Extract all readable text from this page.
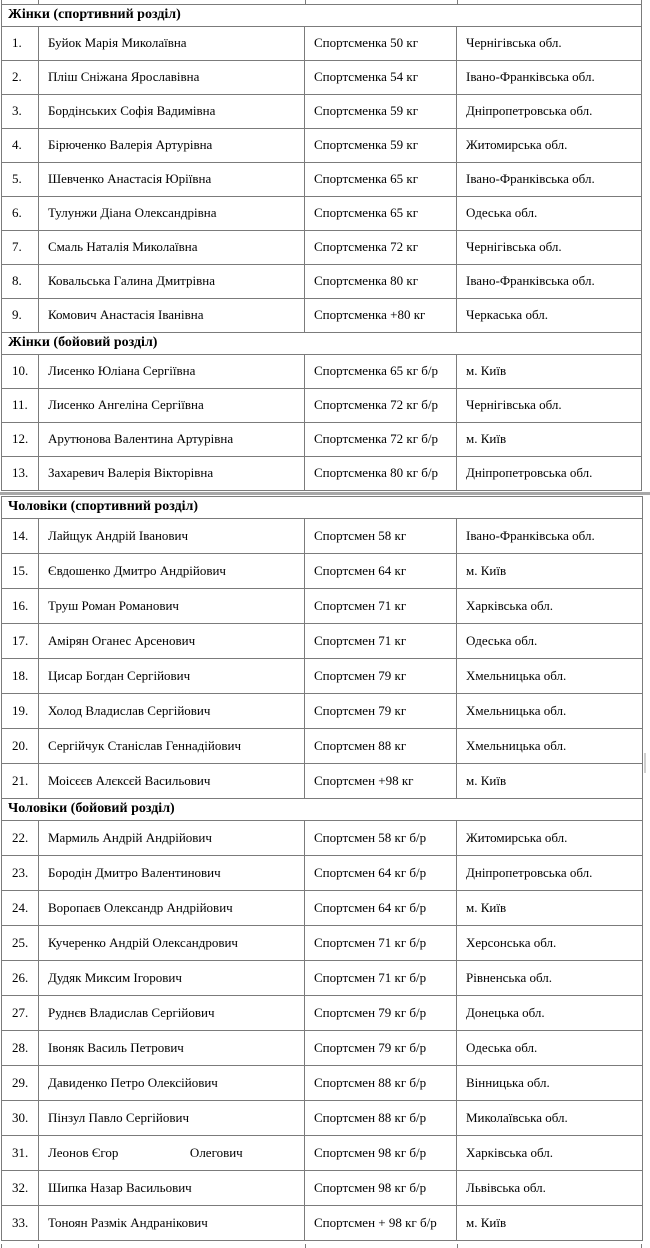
Жінки (спортивний розділ)			
1.	Буйок Марія Миколаївна	Спортсменка 50 кг	Чернігівська обл.
2.	Пліш Сніжана Ярославівна	Спортсменка 54 кг	Івано-Франківська обл.
3.	Бордінських Софія Вадимівна	Спортсменка 59 кг	Дніпропетровська обл.
4.	Бірюченко Валерія Артурівна	Спортсменка 59 кг	Житомирська обл.
5.	Шевченко Анастасія Юріївна	Спортсменка 65 кг	Івано-Франківська обл.
6.	Тулунжи Діана Олександрівна	Спортсменка 65 кг	Одеська обл.
7.	Смаль Наталія Миколаївна	Спортсменка 72 кг	Чернігівська обл.
8.	Ковальська Галина Дмитрівна	Спортсменка 80 кг	Івано-Франківська обл.
9.	Комович Анастасія Іванівна	Спортсменка +80 кг	Черкаська обл.
Жінки (бойовий розділ)			
10.	Лисенко Юліана Сергіївна	Спортсменка 65 кг б/р	м. Київ
11.	Лисенко Ангеліна Сергіївна	Спортсменка 72 кг б/р	Чернігівська обл.
12.	Арутюнова Валентина Артурівна	Спортсменка 72 кг б/р	м. Київ
13.	Захаревич Валерія Вікторівна	Спортсменка 80 кг б/р	Дніпропетровська обл.
Чоловіки (спортивний розділ)			
14.	Лайщук Андрій Іванович	Спортсмен 58 кг	Івано-Франківська обл.
15.	Євдошенко Дмитро Андрійович	Спортсмен 64 кг	м. Київ
16.	Труш Роман Романович	Спортсмен 71 кг	Харківська обл.
17.	Амірян Оганес Арсенович	Спортсмен 71 кг	Одеська обл.
18.	Цисар Богдан Сергійович	Спортсмен 79 кг	Хмельницька обл.
19.	Холод Владислав Сергійович	Спортсмен 79 кг	Хмельницька обл.
20.	Сергійчук Станіслав Геннадійович	Спортсмен 88 кг	Хмельницька обл.
21.	Моісєєв Алєксєй Васильович	Спортсмен +98 кг	м. Київ
Чоловіки (бойовий розділ)			
22.	Мармиль Андрій Андрійович	Спортсмен 58 кг б/р	Житомирська обл.
23.	Бородін Дмитро Валентинович	Спортсмен 64 кг б/р	Дніпропетровська обл.
24.	Воропаєв Олександр Андрійович	Спортсмен 64 кг б/р	м. Київ
25.	Кучеренко Андрій Олександрович	Спортсмен 71 кг б/р	Херсонська обл.
26.	Дудяк Миксим Ігорович	Спортсмен 71 кг б/р	Рівненська обл.
27.	Руднєв Владислав Сергійович	Спортсмен 79 кг б/р	Донецька обл.
28.	Івоняк Василь Петрович	Спортсмен 79 кг б/р	Одеська обл.
29.	Давиденко Петро Олексійович	Спортсмен 88 кг б/р	Вінницька обл.
30.	Пінзул Павло Сергійович	Спортсмен 88 кг б/р	Миколаївська обл.
31.	Леонов Єгор                      Олегович	Спортсмен 98 кг б/р	Харківська обл.
32.	Шипка Назар Васильович	Спортсмен 98 кг б/р	Львівська обл.
33.	Тоноян Размік Андранікович	Спортсмен + 98 кг б/р	м. Київ
